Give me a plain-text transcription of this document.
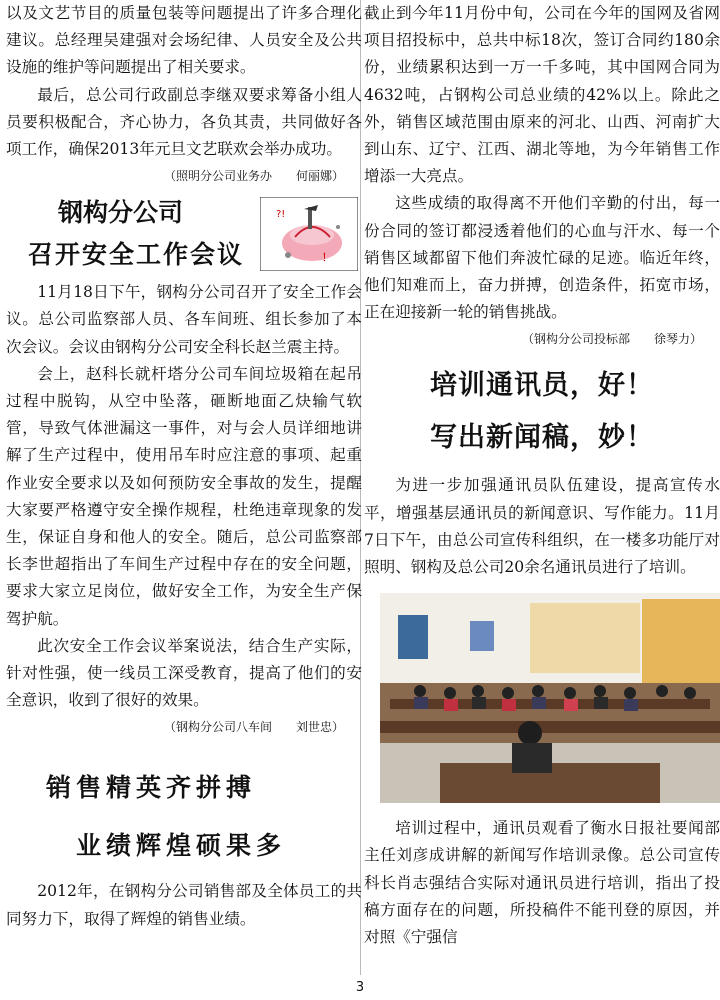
以及文艺节目的质量包装等问题提出了许多合理化建议。总经理吴建强对会场纪律、人员安全及公共设施的维护等问题提出了相关要求。

最后，总公司行政副总李继双要求筹备小组人员要积极配合，齐心协力，各负其责，共同做好各项工作，确保2013年元旦文艺联欢会举办成功。

（照明分公司业务办　　何丽娜）
钢构分公司
召开安全工作会议
?!
！

11月18日下午，钢构分公司召开了安全工作会议。总公司监察部人员、各车间班、组长参加了本次会议。会议由钢构分公司安全科长赵兰震主持。

会上，赵科长就杆塔分公司车间垃圾箱在起吊过程中脱钩，从空中坠落，砸断地面乙炔输气软管，导致气体泄漏这一事件，对与会人员详细地讲解了生产过程中，使用吊车时应注意的事项、起重作业安全要求以及如何预防安全事故的发生，提醒大家要严格遵守安全操作规程，杜绝违章现象的发生，保证自身和他人的安全。随后，总公司监察部长李世超指出了车间生产过程中存在的安全问题，要求大家立足岗位，做好安全工作，为安全生产保驾护航。

此次安全工作会议举案说法，结合生产实际，针对性强，使一线员工深受教育，提高了他们的安全意识，收到了很好的效果。

（钢构分公司八车间　　刘世忠）
销售精英齐拼搏
业绩辉煌硕果多

2012年，在钢构分公司销售部及全体员工的共同努力下，取得了辉煌的销售业绩。

截止到今年11月份中旬，公司在今年的国网及省网项目招投标中，总共中标18次，签订合同约180余份，业绩累积达到一万一千多吨，其中国网合同为4632吨，占钢构公司总业绩的42%以上。除此之外，销售区域范围由原来的河北、山西、河南扩大到山东、辽宁、江西、湖北等地，为今年销售工作增添一大亮点。

这些成绩的取得离不开他们辛勤的付出，每一份合同的签订都浸透着他们的心血与汗水、每一个销售区域都留下他们奔波忙碌的足迹。临近年终，他们知难而上，奋力拼搏，创造条件，拓宽市场，正在迎接新一轮的销售挑战。

（钢构分公司投标部　　徐琴力）
培训通讯员，好！
写出新闻稿，妙！

为进一步加强通讯员队伍建设，提高宣传水平，增强基层通讯员的新闻意识、写作能力。11月7日下午，由总公司宣传科组织，在一楼多功能厅对照明、钢构及总公司20余名通讯员进行了培训。

培训过程中，通讯员观看了衡水日报社要闻部主任刘彦成讲解的新闻写作培训录像。总公司宣传科长肖志强结合实际对通讯员进行培训，指出了投稿方面存在的问题，所投稿件不能刊登的原因，并对照《宁强信

3
